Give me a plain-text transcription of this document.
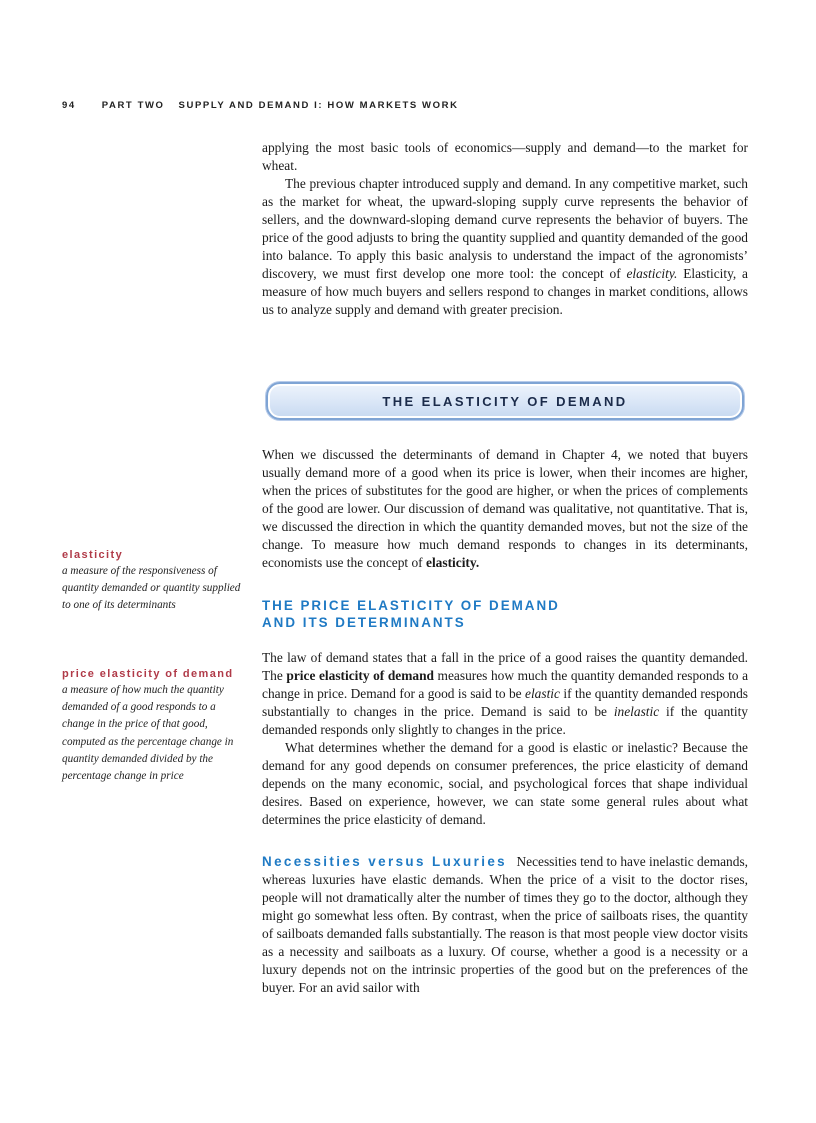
94	PART TWO SUPPLY AND DEMAND I: HOW MARKETS WORK

applying the most basic tools of economics—supply and demand—to the market for wheat.

The previous chapter introduced supply and demand. In any competitive market, such as the market for wheat, the upward-sloping supply curve represents the behavior of sellers, and the downward-sloping demand curve represents the behavior of buyers. The price of the good adjusts to bring the quantity supplied and quantity demanded of the good into balance. To apply this basic analysis to understand the impact of the agronomists’ discovery, we must first develop one more tool: the concept of elasticity. Elasticity, a measure of how much buyers and sellers respond to changes in market conditions, allows us to analyze supply and demand with greater precision.

THE ELASTICITY OF DEMAND

When we discussed the determinants of demand in Chapter 4, we noted that buyers usually demand more of a good when its price is lower, when their incomes are higher, when the prices of substitutes for the good are higher, or when the prices of complements of the good are lower. Our discussion of demand was qualitative, not quantitative. That is, we discussed the direction in which the quantity demanded moves, but not the size of the change. To measure how much demand responds to changes in its determinants, economists use the concept of elasticity.

THE PRICE ELASTICITY OF DEMAND
AND ITS DETERMINANTS

The law of demand states that a fall in the price of a good raises the quantity demanded. The price elasticity of demand measures how much the quantity demanded responds to a change in price. Demand for a good is said to be elastic if the quantity demanded responds substantially to changes in the price. Demand is said to be inelastic if the quantity demanded responds only slightly to changes in the price.

What determines whether the demand for a good is elastic or inelastic? Because the demand for any good depends on consumer preferences, the price elasticity of demand depends on the many economic, social, and psychological forces that shape individual desires. Based on experience, however, we can state some general rules about what determines the price elasticity of demand.

Necessities versus Luxuries Necessities tend to have inelastic demands, whereas luxuries have elastic demands. When the price of a visit to the doctor rises, people will not dramatically alter the number of times they go to the doctor, although they might go somewhat less often. By contrast, when the price of sailboats rises, the quantity of sailboats demanded falls substantially. The reason is that most people view doctor visits as a necessity and sailboats as a luxury. Of course, whether a good is a necessity or a luxury depends not on the intrinsic properties of the good but on the preferences of the buyer. For an avid sailor with

elasticity
a measure of the responsiveness of quantity demanded or quantity supplied to one of its determinants
price elasticity of demand
a measure of how much the quantity demanded of a good responds to a change in the price of that good, computed as the percentage change in quantity demanded divided by the percentage change in price
